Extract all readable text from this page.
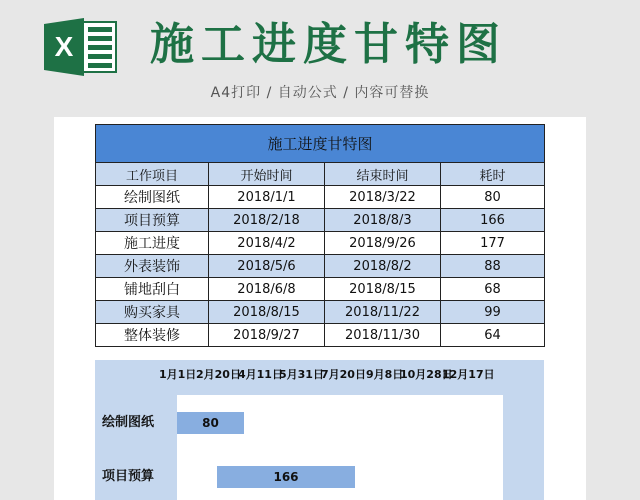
X 施工进度甘特图
A4打印 / 自动公式 / 内容可替换
施工进度甘特图			
工作项目	开始时间	结束时间	耗时
绘制图纸	2018/1/1	2018/3/22	80
项目预算	2018/2/18	2018/8/3	166
施工进度	2018/4/2	2018/9/26	177
外表装饰	2018/5/6	2018/8/2	88
铺地刮白	2018/6/8	2018/8/15	68
购买家具	2018/8/15	2018/11/22	99
整体装修	2018/9/27	2018/11/30	64
绘制图纸	80
项目预算	166
1月1日 2月20日
4月11日
5月31日
7月20日 9月8日
10月28日
12月17日
